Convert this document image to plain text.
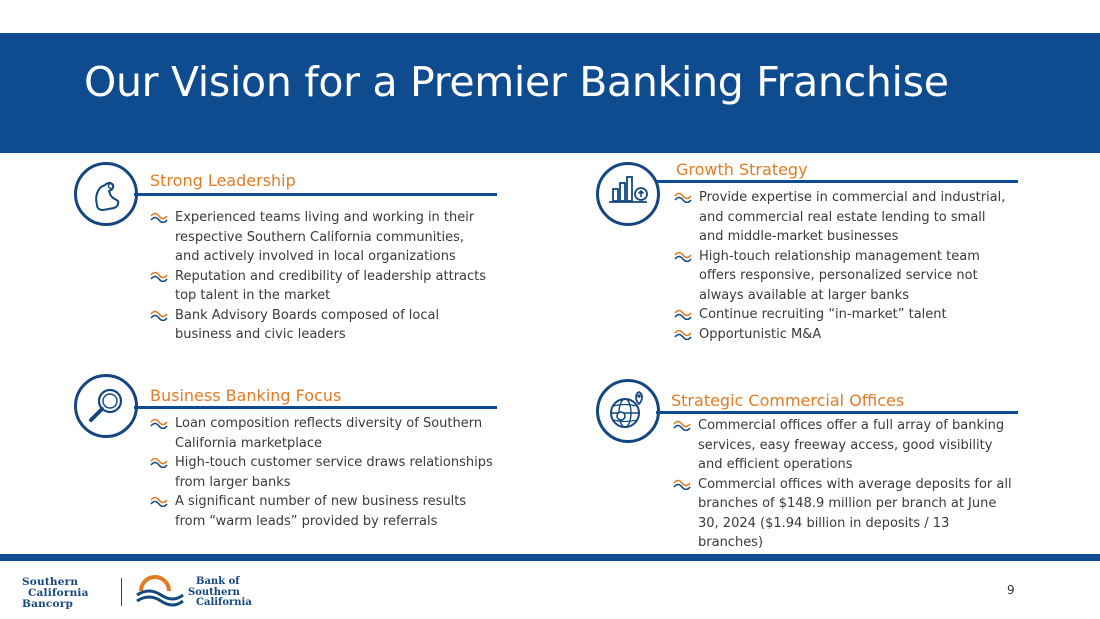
Our Vision for a Premier Banking Franchise
Strong Leadership
Experienced teams living and working in their respective Southern California communities, and actively involved in local organizations
Reputation and credibility of leadership attracts top talent in the market
Bank Advisory Boards composed of local business and civic leaders
Growth Strategy
Provide expertise in commercial and industrial, and commercial real estate lending to small and middle-market businesses
High-touch relationship management team offers responsive, personalized service not always available at larger banks
Continue recruiting “in-market” talent
Opportunistic M&A
Business Banking Focus
Loan composition reflects diversity of Southern California marketplace
High-touch customer service draws relationships from larger banks
A significant number of new business results from “warm leads” provided by referrals
Strategic Commercial Offices
Commercial offices offer a full array of banking services, easy freeway access, good visibility and efficient operations
Commercial offices with average deposits for all branches of $148.9 million per branch at June 30, 2024 ($1.94 billion in deposits / 13 branches)
Southern
California
Bancorp
Bank of
Southern
California
9
